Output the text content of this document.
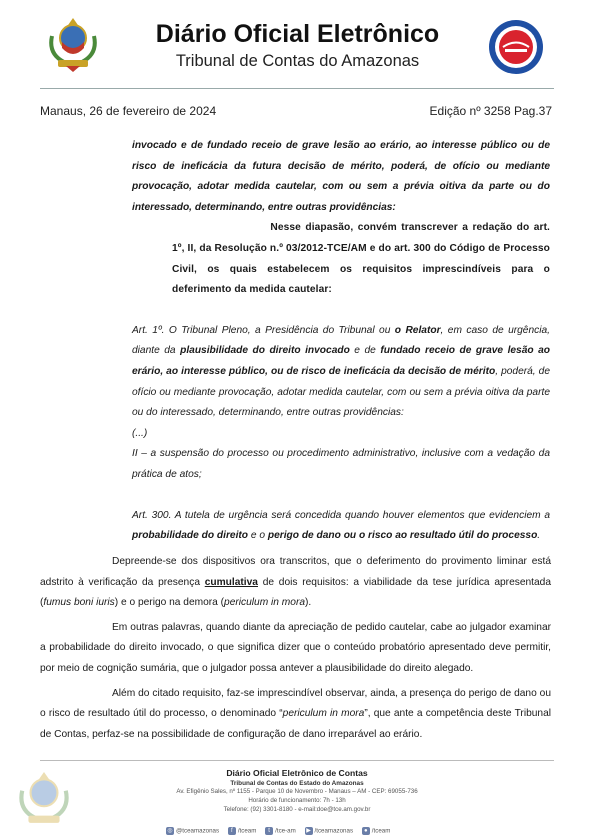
Diário Oficial Eletrônico
Tribunal de Contas do Amazonas
Manaus, 26 de fevereiro de 2024	Edição nº 3258 Pag.37
invocado e de fundado receio de grave lesão ao erário, ao interesse público ou de risco de ineficácia da futura decisão de mérito, poderá, de ofício ou mediante provocação, adotar medida cautelar, com ou sem a prévia oitiva da parte ou do interessado, determinando, entre outras providências:

Nesse diapasão, convém transcrever a redação do art.

1º, II, da Resolução n.º 03/2012-TCE/AM e do art. 300 do Código de Processo Civil, os quais estabelecem os requisitos imprescindíveis para o deferimento da medida cautelar:

Art. 1º. O Tribunal Pleno, a Presidência do Tribunal ou o Relator, em caso de urgência, diante da plausibilidade do direito invocado e de fundado receio de grave lesão ao erário, ao interesse público, ou de risco de ineficácia da decisão de mérito, poderá, de ofício ou mediante provocação, adotar medida cautelar, com ou sem a prévia oitiva da parte ou do interessado, determinando, entre outras providências:

(...)

II – a suspensão do processo ou procedimento administrativo, inclusive com a vedação da prática de atos;

Art. 300. A tutela de urgência será concedida quando houver elementos que evidenciem a probabilidade do direito e o perigo de dano ou o risco ao resultado útil do processo.

Depreende-se dos dispositivos ora transcritos, que o deferimento do provimento liminar está adstrito à verificação da presença cumulativa de dois requisitos: a viabilidade da tese jurídica apresentada (fumus boni iuris) e o perigo na demora (periculum in mora).

Em outras palavras, quando diante da apreciação de pedido cautelar, cabe ao julgador examinar a probabilidade do direito invocado, o que significa dizer que o conteúdo probatório apresentado deve permitir, por meio de cognição sumária, que o julgador possa antever a plausibilidade do direito alegado.

Além do citado requisito, faz-se imprescindível observar, ainda, a presença do perigo de dano ou o risco de resultado útil do processo, o denominado “periculum in mora”, que ante a competência deste Tribunal de Contas, perfaz-se na possibilidade de configuração de dano irreparável ao erário.

Diário Oficial Eletrônico de Contas
Tribunal de Contas do Estado do Amazonas
Av. Efigênio Sales, nº 1155 - Parque 10 de Novembro - Manaus – AM - CEP: 69055-736
Horário de funcionamento: 7h - 13h
Telefone: (92) 3301-8180 - e-mail:doe@tce.am.gov.br
◎ @tceamazonas f /tceam t /tce-am ▶ /tceamazonas ● /tceam
